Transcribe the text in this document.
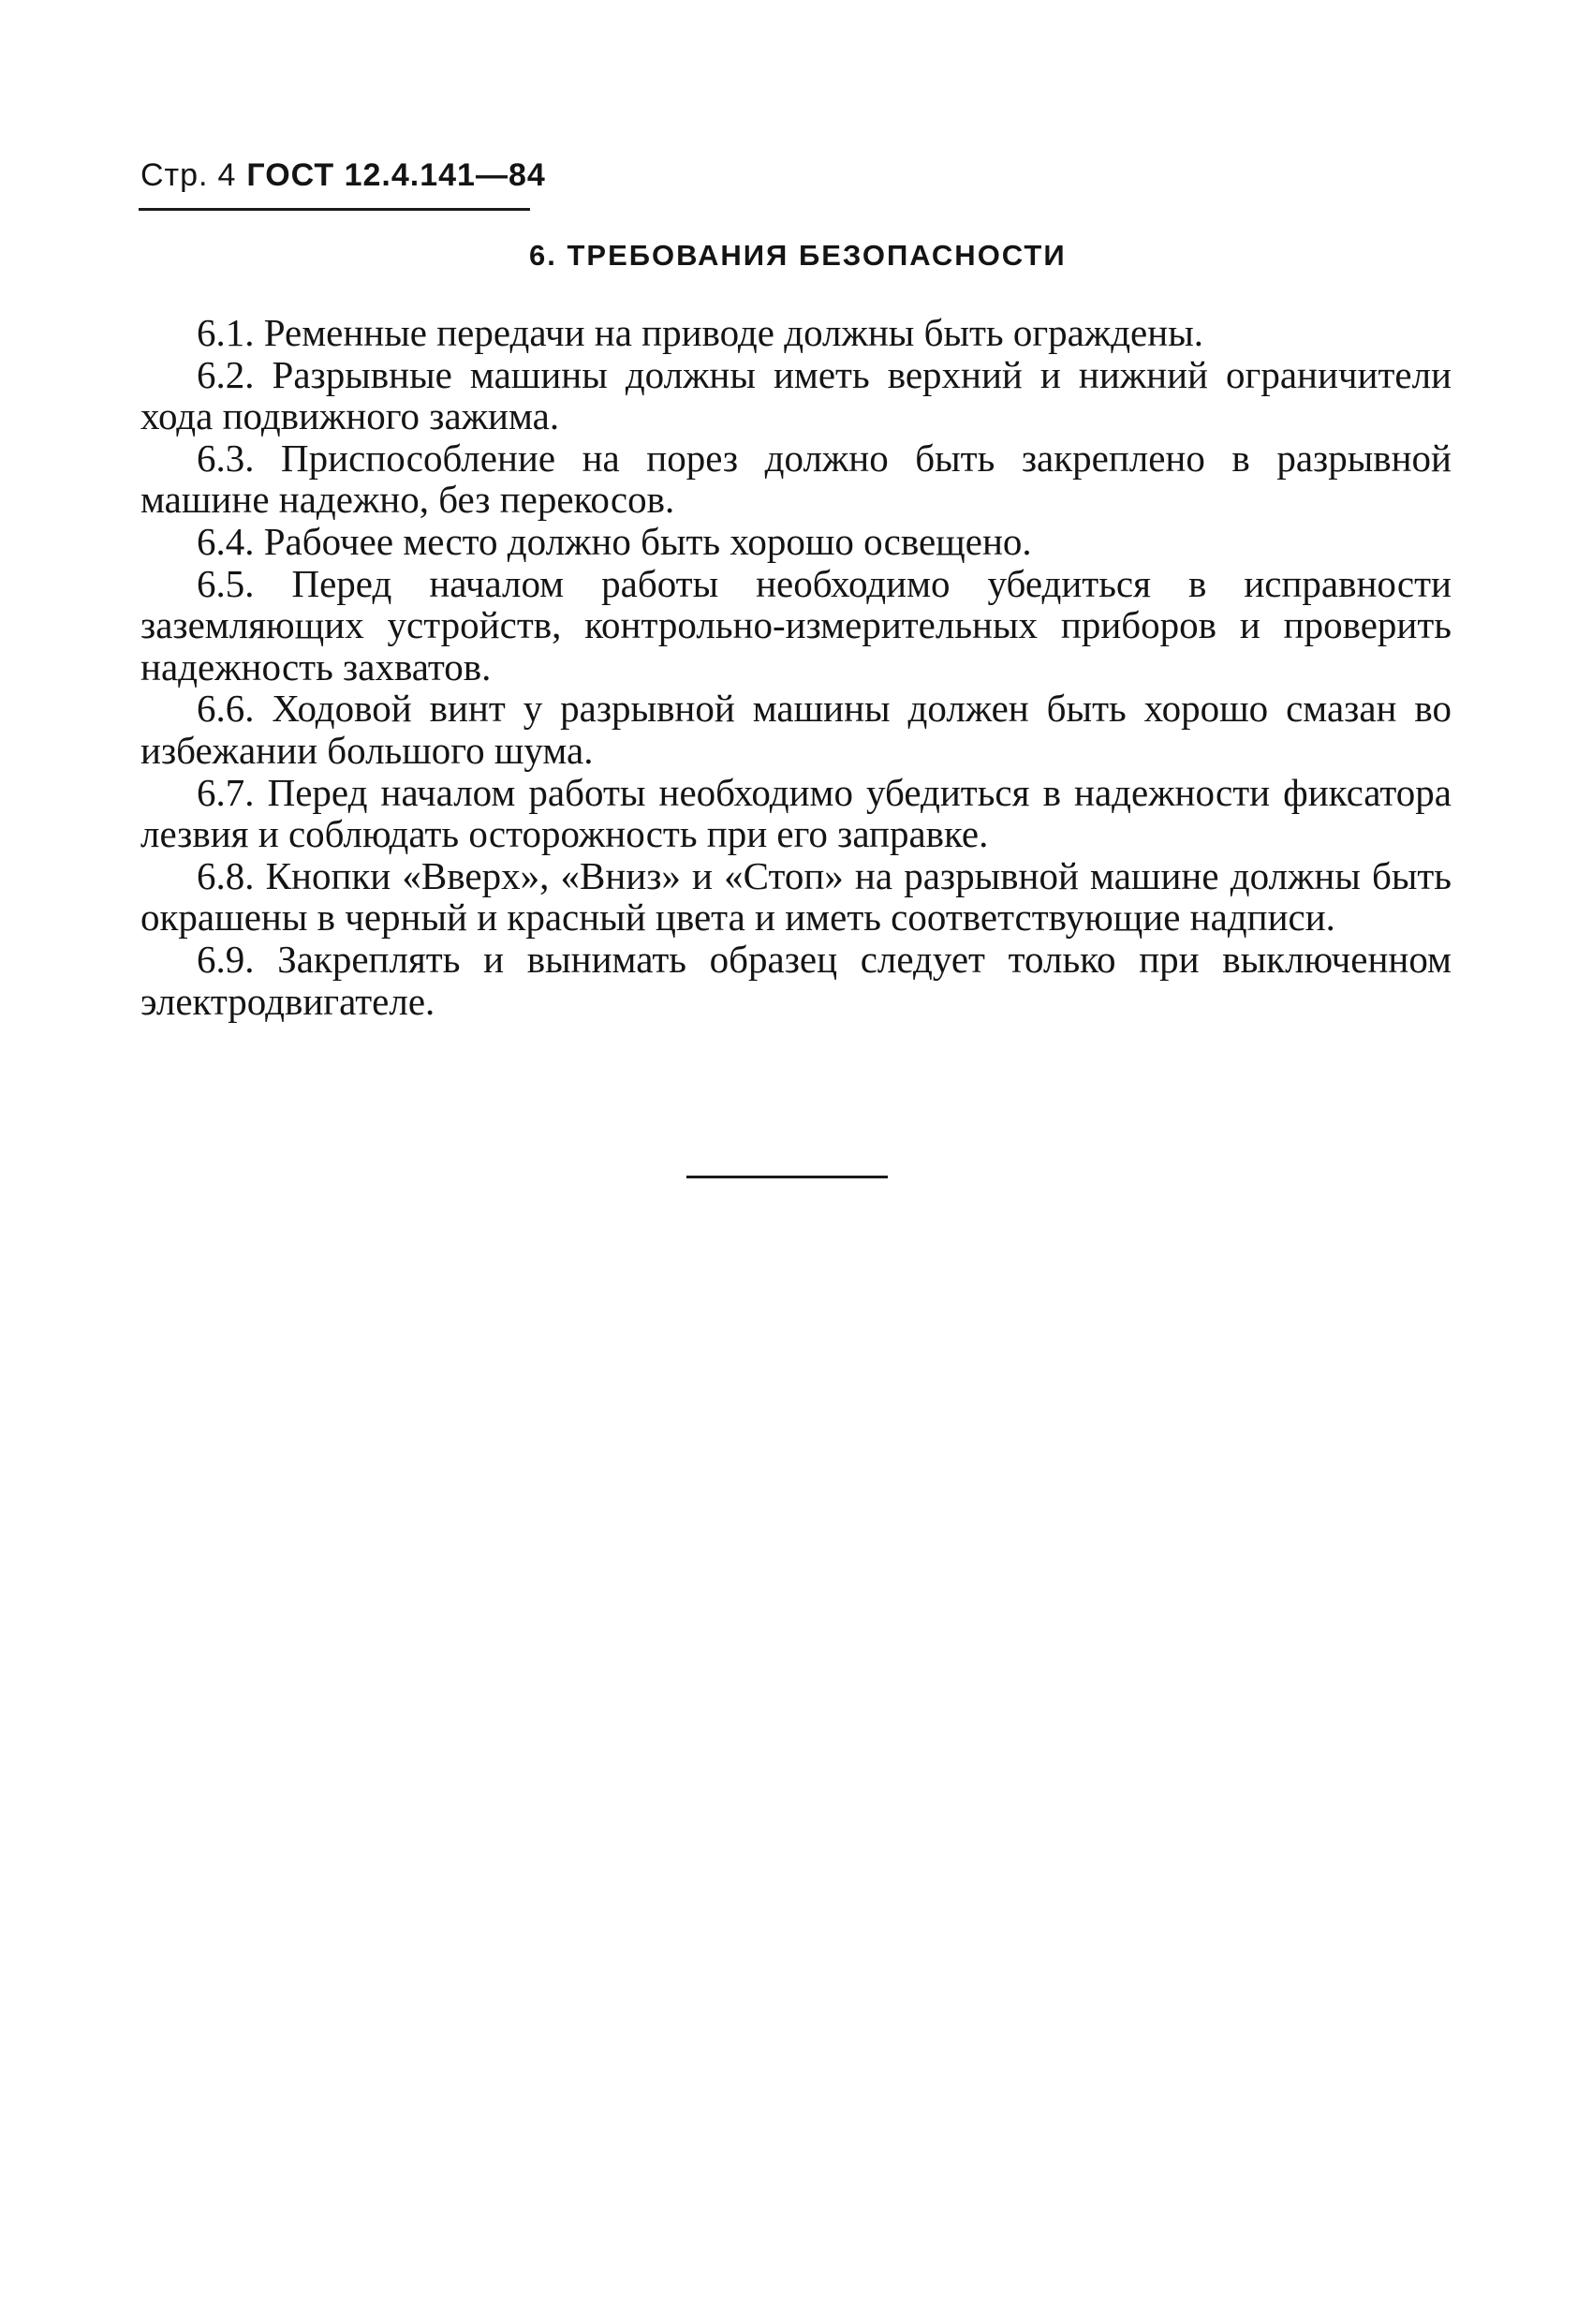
Стр. 4 ГОСТ 12.4.141—84
6. ТРЕБОВАНИЯ БЕЗОПАСНОСТИ

6.1. Ременные передачи на приводе должны быть ограждены.

6.2. Разрывные машины должны иметь верхний и нижний ограничители хода подвижного зажима.

6.3. Приспособление на порез должно быть закреплено в разрывной машине надежно, без перекосов.

6.4. Рабочее место должно быть хорошо освещено.

6.5. Перед началом работы необходимо убедиться в исправности заземляющих устройств, контрольно-измерительных приборов и проверить надежность захватов.

6.6. Ходовой винт у разрывной машины должен быть хорошо смазан во избежании большого шума.

6.7. Перед началом работы необходимо убедиться в надежности фиксатора лезвия и соблюдать осторожность при его заправке.

6.8. Кнопки «Вверх», «Вниз» и «Стоп» на разрывной машине должны быть окрашены в черный и красный цвета и иметь соответствующие надписи.

6.9. Закреплять и вынимать образец следует только при выключенном электродвигателе.
